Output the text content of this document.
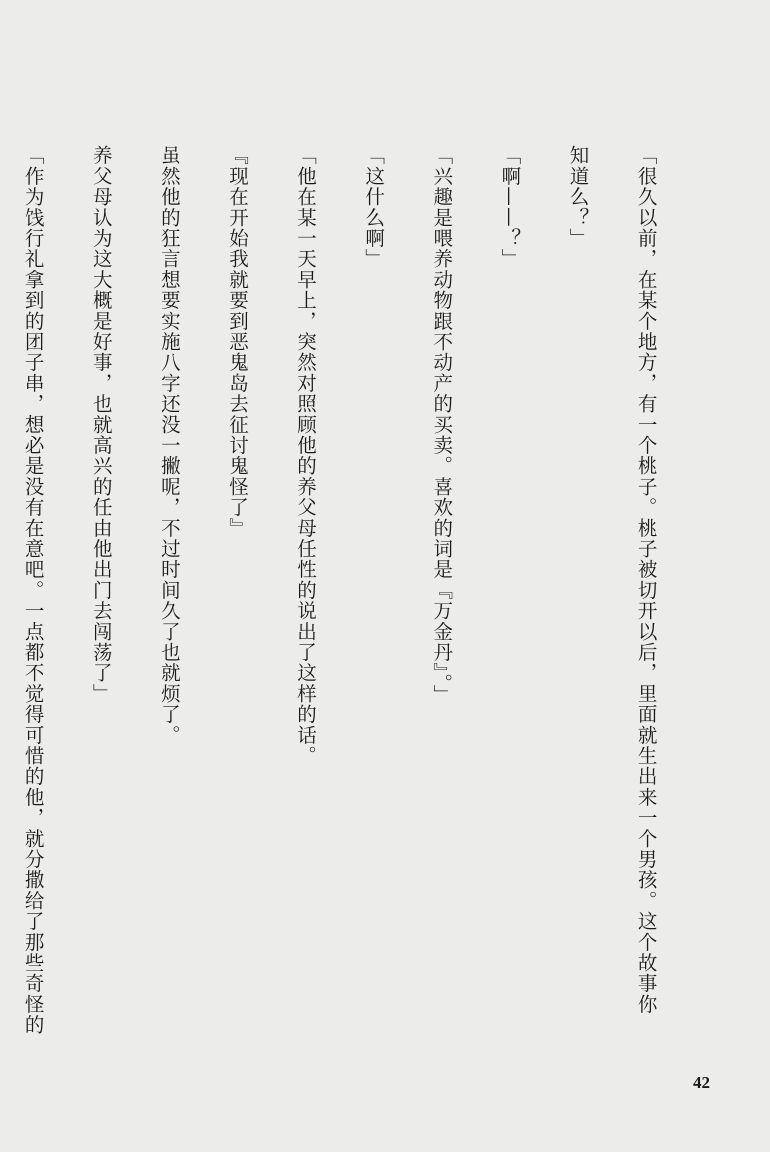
「很久以前，在某个地方，有一个桃子。桃子被切开以后，里面就生出来一个男孩。这个故事你

知道么？」

「啊——？」

「兴趣是喂养动物跟不动产的买卖。喜欢的词是『万金丹』。」

「这什么啊」

「他在某一天早上，突然对照顾他的养父母任性的说出了这样的话。

『现在开始我就要到恶鬼岛去征讨鬼怪了』

虽然他的狂言想要实施八字还没一撇呢，不过时间久了也就烦了。

养父母认为这大概是好事，也就高兴的任由他出门去闯荡了」

「作为饯行礼拿到的团子串，想必是没有在意吧。一点都不觉得可惜的他，就分撒给了那些奇怪的

42
